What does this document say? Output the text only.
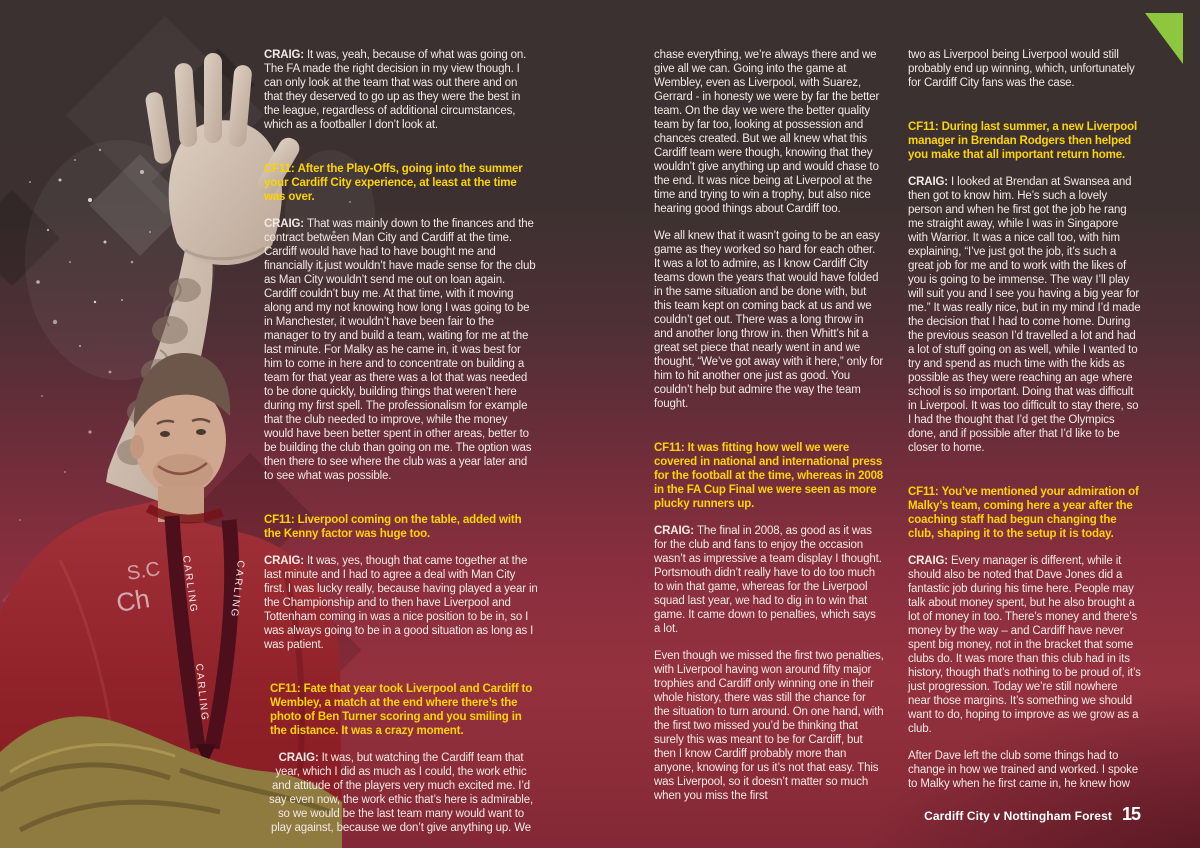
S.C
Ch	CARLING
CARLING
CARLING

CRAIG: It was, yeah, because of what was going on. The FA made the right decision in my view though. I can only look at the team that was out there and on that they deserved to go up as they were the best in the league, regardless of additional circumstances, which as a footballer I don’t look at.

CF11: After the Play-Offs, going into the summer your Cardiff City experience, at least at the time was over.

CRAIG: That was mainly down to the finances and the contract between Man City and Cardiff at the time. Cardiff would have had to have bought me and financially it just wouldn’t have made sense for the club as Man City wouldn’t send me out on loan again. Cardiff couldn’t buy me. At that time, with it moving along and my not knowing how long I was going to be in Manchester, it wouldn’t have been fair to the manager to try and build a team, waiting for me at the last minute. For Malky as he came in, it was best for him to come in here and to concentrate on building a team for that year as there was a lot that was needed to be done quickly, building things that weren’t here during my first spell. The professionalism for example that the club needed to improve, while the money would have been better spent in other areas, better to be building the club than going on me. The option was then there to see where the club was a year later and to see what was possible.

CF11: Liverpool coming on the table, added with the Kenny factor was huge too.

CRAIG: It was, yes, though that came together at the last minute and I had to agree a deal with Man City first. I was lucky really, because having played a year in the Championship and to then have Liverpool and Tottenham coming in was a nice position to be in, so I was always going to be in a good situation as long as I was patient.

CF11: Fate that year took Liverpool and Cardiff to Wembley, a match at the end where there’s the photo of Ben Turner scoring and you smiling in the distance. It was a crazy moment.

CRAIG: It was, but watching the Cardiff team that year, which I did as much as I could, the work ethic and attitude of the players very much excited me. I’d say even now, the work ethic that’s here is admirable, so we would be the last team many would want to play against, because we don’t give anything up. We

chase everything, we’re always there and we give all we can. Going into the game at Wembley, even as Liverpool, with Suarez, Gerrard - in honesty we were by far the better team. On the day we were the better quality team by far too, looking at possession and chances created. But we all knew what this Cardiff team were though, knowing that they wouldn’t give anything up and would chase to the end. It was nice being at Liverpool at the time and trying to win a trophy, but also nice hearing good things about Cardiff too.

We all knew that it wasn’t going to be an easy game as they worked so hard for each other. It was a lot to admire, as I know Cardiff City teams down the years that would have folded in the same situation and be done with, but this team kept on coming back at us and we couldn’t get out. There was a long throw in and another long throw in. then Whitt’s hit a great set piece that nearly went in and we thought, “We’ve got away with it here,” only for him to hit another one just as good. You couldn’t help but admire the way the team fought.

CF11: It was fitting how well we were covered in national and international press for the football at the time, whereas in 2008 in the FA Cup Final we were seen as more plucky runners up.

CRAIG: The final in 2008, as good as it was for the club and fans to enjoy the occasion wasn’t as impressive a team display I thought. Portsmouth didn’t really have to do too much to win that game, whereas for the Liverpool squad last year, we had to dig in to win that game. It came down to penalties, which says a lot.

Even though we missed the first two penalties, with Liverpool having won around fifty major trophies and Cardiff only winning one in their whole history, there was still the chance for the situation to turn around. On one hand, with the first two missed you’d be thinking that surely this was meant to be for Cardiff, but then I know Cardiff probably more than anyone, knowing for us it’s not that easy. This was Liverpool, so it doesn’t matter so much when you miss the first

two as Liverpool being Liverpool would still probably end up winning, which, unfortunately for Cardiff City fans was the case.

CF11: During last summer, a new Liverpool manager in Brendan Rodgers then helped you make that all important return home.

CRAIG: I looked at Brendan at Swansea and then got to know him. He’s such a lovely person and when he first got the job he rang me straight away, while I was in Singapore with Warrior. It was a nice call too, with him explaining, “I’ve just got the job, it’s such a great job for me and to work with the likes of you is going to be immense. The way I’ll play will suit you and I see you having a big year for me.” It was really nice, but in my mind I’d made the decision that I had to come home. During the previous season I’d travelled a lot and had a lot of stuff going on as well, while I wanted to try and spend as much time with the kids as possible as they were reaching an age where school is so important. Doing that was difficult in Liverpool. It was too difficult to stay there, so I had the thought that I’d get the Olympics done, and if possible after that I’d like to be closer to home.

CF11: You’ve mentioned your admiration of Malky’s team, coming here a year after the coaching staff had begun changing the club, shaping it to the setup it is today.

CRAIG: Every manager is different, while it should also be noted that Dave Jones did a fantastic job during his time here. People may talk about money spent, but he also brought a lot of money in too. There’s money and there’s money by the way – and Cardiff have never spent big money, not in the bracket that some clubs do. It was more than this club had in its history, though that’s nothing to be proud of, it’s just progression. Today we’re still nowhere near those margins. It’s something we should want to do, hoping to improve as we grow as a club.

After Dave left the club some things had to change in how we trained and worked. I spoke to Malky when he first came in, he knew how

Cardiff City v Nottingham Forest 15
